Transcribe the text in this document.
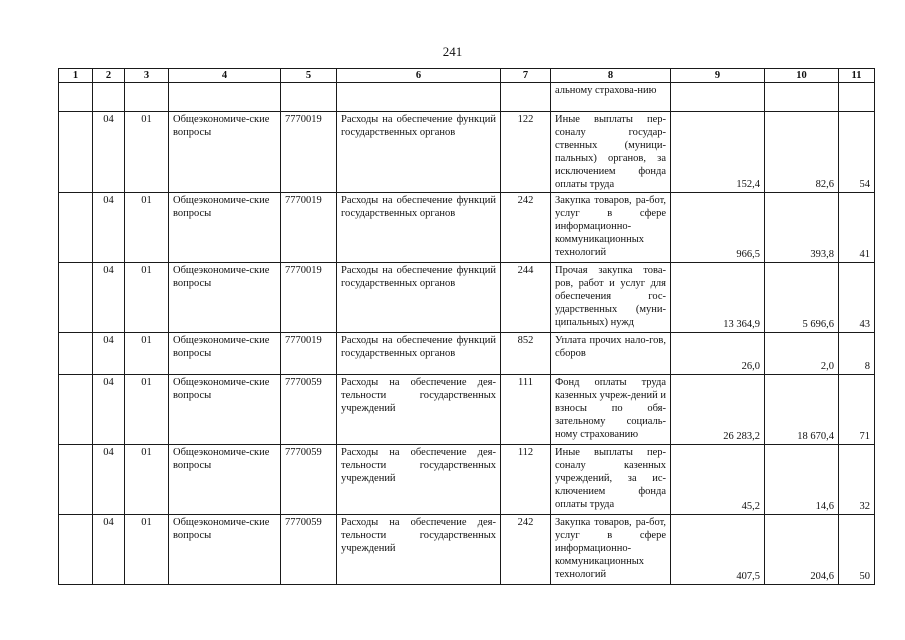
241
1	2	3	4	5	6	7	8	9	10	11
							альному страхова-нию			
	04	01	Общеэкономиче-ские вопросы	7770019	Расходы на обеспечение функций государственных органов	122	Иные выплаты пер-соналу государ-ственных (муници-пальных) органов, за исключением фонда оплаты труда	152,4	82,6	54
	04	01	Общеэкономиче-ские вопросы	7770019	Расходы на обеспечение функций государственных органов	242	Закупка товаров, ра-бот, услуг в сфере информационно-коммуникационных технологий	966,5	393,8	41
	04	01	Общеэкономиче-ские вопросы	7770019	Расходы на обеспечение функций государственных органов	244	Прочая закупка това-ров, работ и услуг для обеспечения гос-ударственных (муни-ципальных) нужд	13 364,9	5 696,6	43
	04	01	Общеэкономиче-ские вопросы	7770019	Расходы на обеспечение функций государственных органов	852	Уплата прочих нало-гов, сборов	26,0	2,0	8
	04	01	Общеэкономиче-ские вопросы	7770059	Расходы на обеспечение дея-тельности государственных учреждений	111	Фонд оплаты труда казенных учреж-дений и взносы по обя-зательному социаль-ному страхованию	26 283,2	18 670,4	71
	04	01	Общеэкономиче-ские вопросы	7770059	Расходы на обеспечение дея-тельности государственных учреждений	112	Иные выплаты пер-соналу казенных учреждений, за ис-ключением фонда оплаты труда	45,2	14,6	32
	04	01	Общеэкономиче-ские вопросы	7770059	Расходы на обеспечение дея-тельности государственных учреждений	242	Закупка товаров, ра-бот, услуг в сфере информационно-коммуникационных технологий	407,5	204,6	50
